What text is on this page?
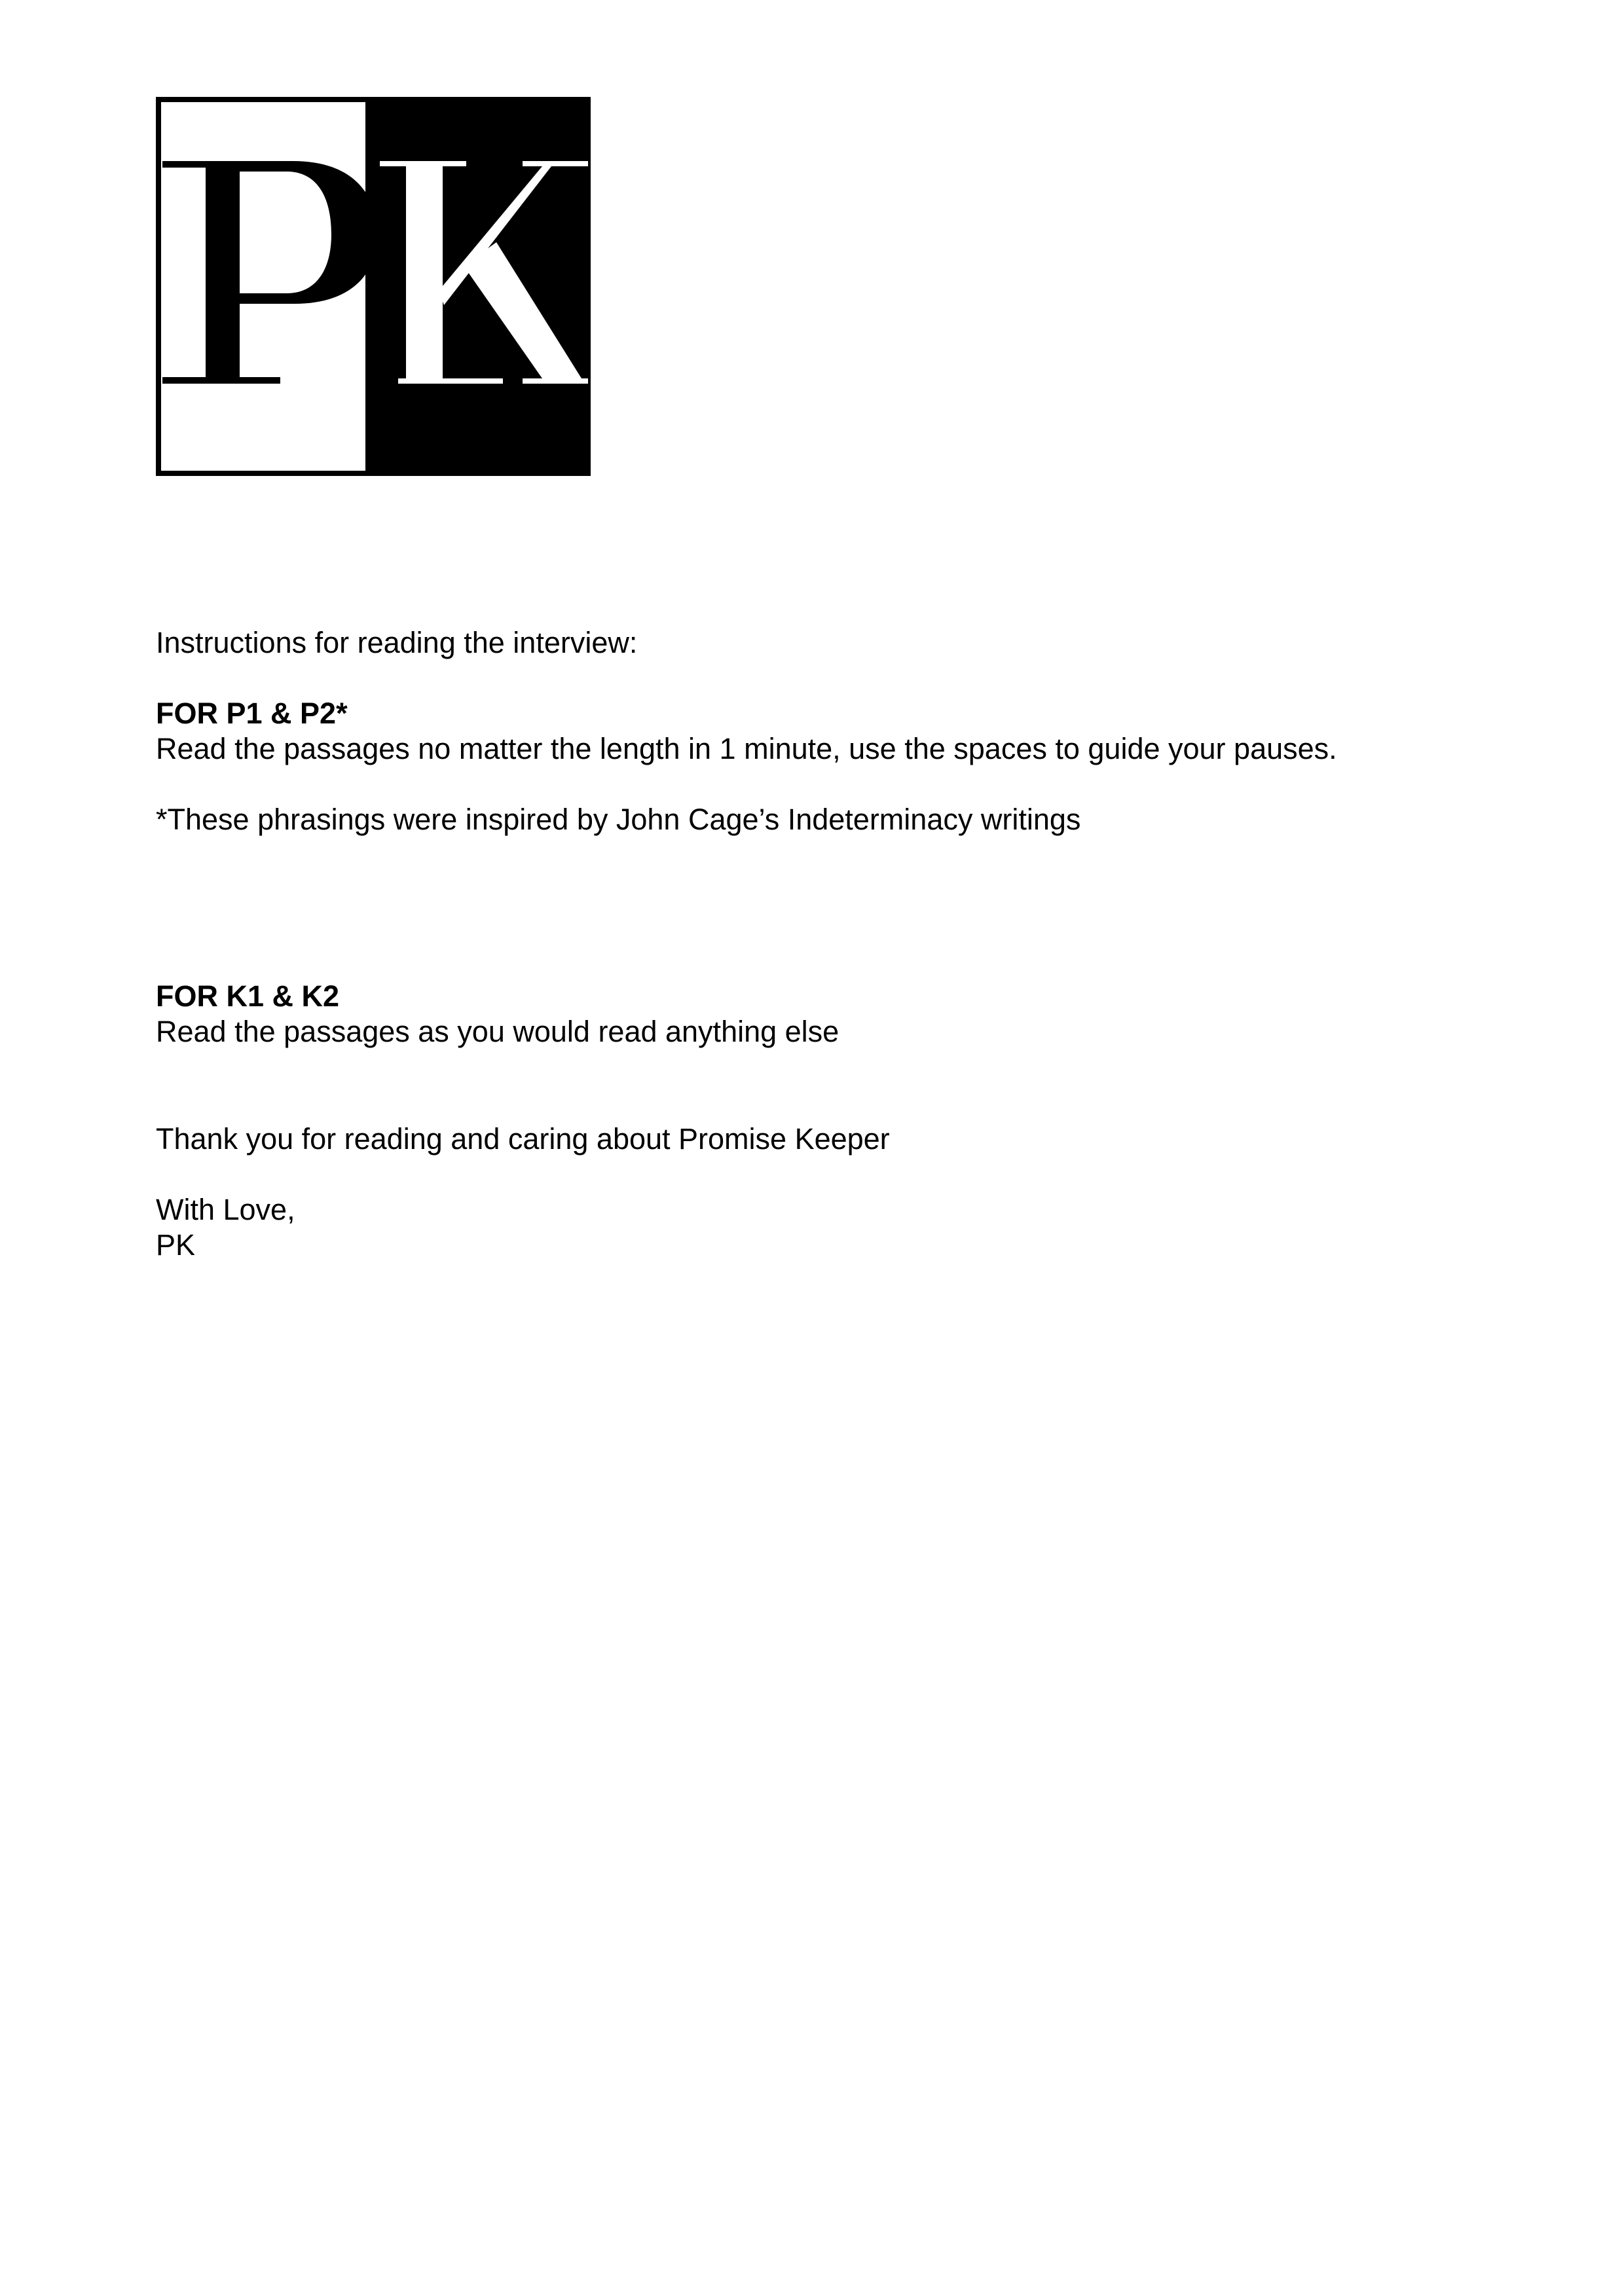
Instructions for reading the interview:

FOR P1 & P2*

Read the passages no matter the length in 1 minute, use the spaces to guide your pauses.

*These phrasings were inspired by John Cage’s Indeterminacy writings

FOR K1 & K2

Read the passages as you would read anything else

Thank you for reading and caring about Promise Keeper

With Love,

PK
